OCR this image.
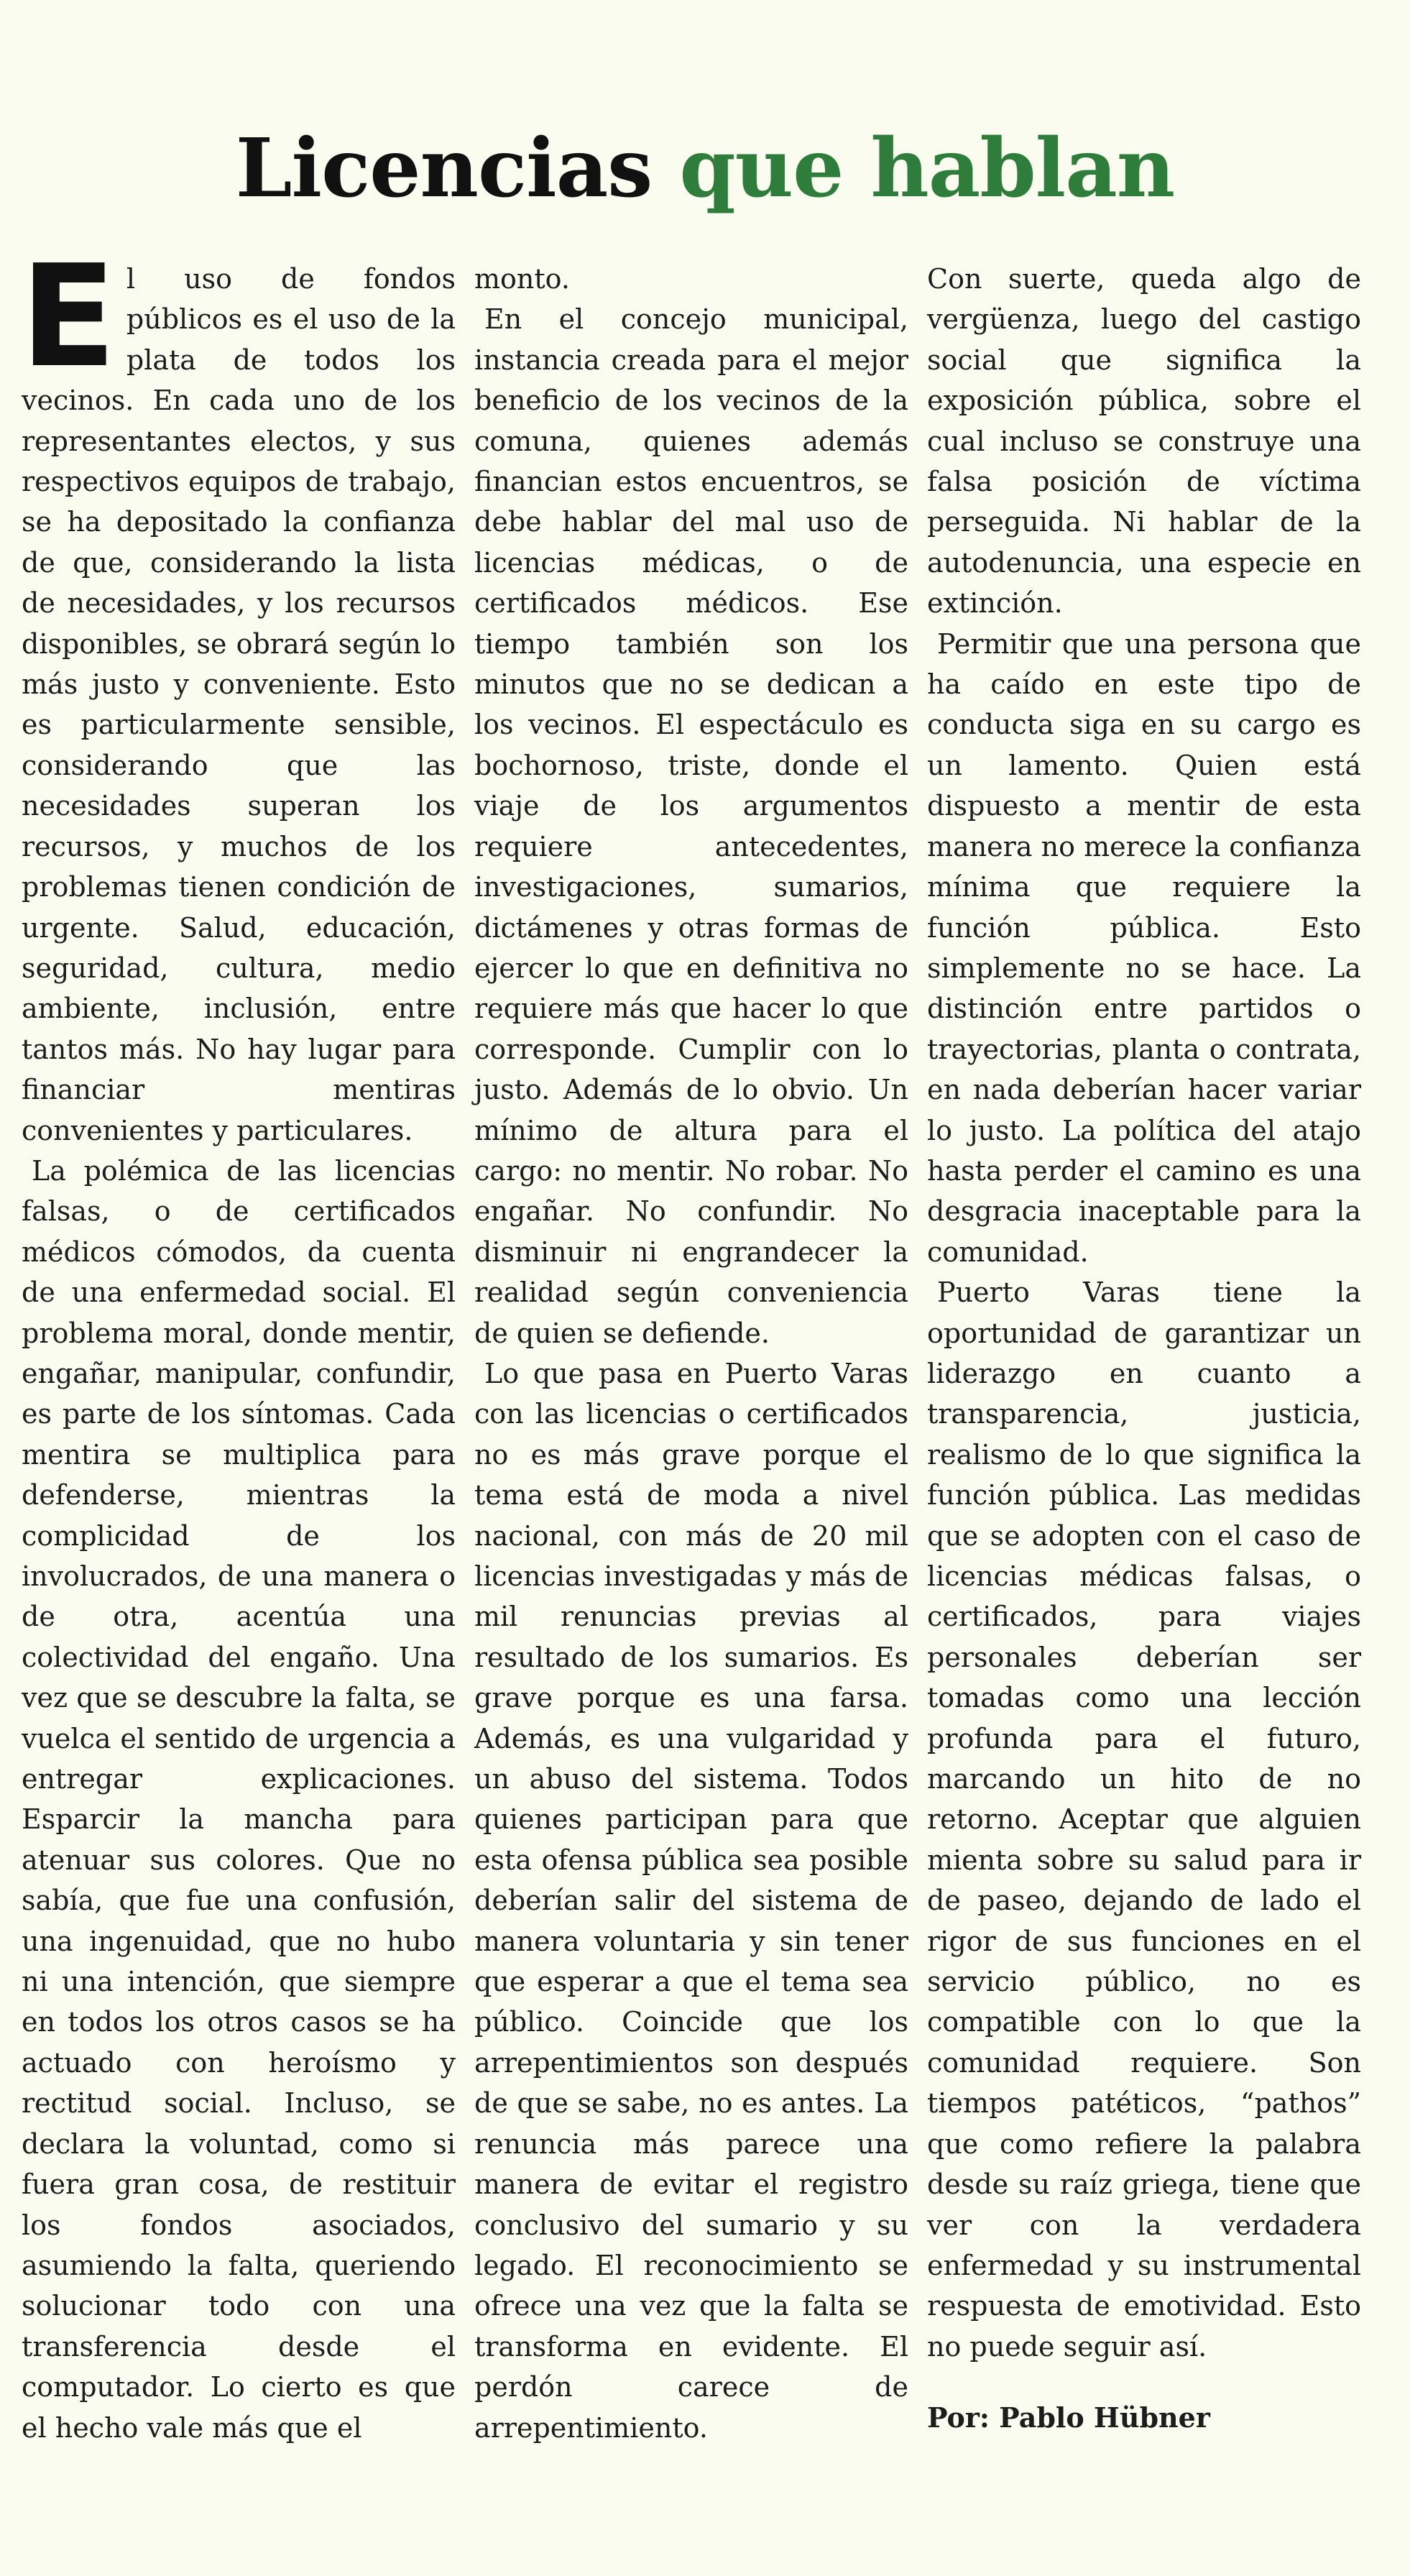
Licencias que hablan

El uso de fondos públicos es el uso de la plata de todos los vecinos. En cada uno de los representantes electos, y sus respectivos equipos de trabajo, se ha depositado la confianza de que, considerando la lista de necesidades, y los recursos disponibles, se obrará según lo más justo y conveniente. Esto es particularmente sensible, considerando que las necesidades superan los recursos, y muchos de los problemas tienen condición de urgente. Salud, educación, seguridad, cultura, medio ambiente, inclusión, entre tantos más. No hay lugar para financiar mentiras convenientes y particulares.

La polémica de las licencias falsas, o de certificados médicos cómodos, da cuenta de una enfermedad social. El problema moral, donde mentir, engañar, manipular, confundir, es parte de los síntomas. Cada mentira se multiplica para defenderse, mientras la complicidad de los involucrados, de una manera o de otra, acentúa una colectividad del engaño. Una vez que se descubre la falta, se vuelca el sentido de urgencia a entregar explicaciones. Esparcir la mancha para atenuar sus colores. Que no sabía, que fue una confusión, una ingenuidad, que no hubo ni una intención, que siempre en todos los otros casos se ha actuado con heroísmo y rectitud social. Incluso, se declara la voluntad, como si fuera gran cosa, de restituir los fondos asociados, asumiendo la falta, queriendo solucionar todo con una transferencia desde el computador. Lo cierto es que el hecho vale más que el

monto.

En el concejo municipal, instancia creada para el mejor beneficio de los vecinos de la comuna, quienes además financian estos encuentros, se debe hablar del mal uso de licencias médicas, o de certificados médicos. Ese tiempo también son los minutos que no se dedican a los vecinos. El espectáculo es bochornoso, triste, donde el viaje de los argumentos requiere antecedentes, investigaciones, sumarios, dictámenes y otras formas de ejercer lo que en definitiva no requiere más que hacer lo que corresponde. Cumplir con lo justo. Además de lo obvio. Un mínimo de altura para el cargo: no mentir. No robar. No engañar. No confundir. No disminuir ni engrandecer la realidad según conveniencia de quien se defiende.

Lo que pasa en Puerto Varas con las licencias o certificados no es más grave porque el tema está de moda a nivel nacional, con más de 20 mil licencias investigadas y más de mil renuncias previas al resultado de los sumarios. Es grave porque es una farsa. Además, es una vulgaridad y un abuso del sistema. Todos quienes participan para que esta ofensa pública sea posible deberían salir del sistema de manera voluntaria y sin tener que esperar a que el tema sea público. Coincide que los arrepentimientos son después de que se sabe, no es antes. La renuncia más parece una manera de evitar el registro conclusivo del sumario y su legado. El reconocimiento se ofrece una vez que la falta se transforma en evidente. El perdón carece de arrepentimiento.

Con suerte, queda algo de vergüenza, luego del castigo social que significa la exposición pública, sobre el cual incluso se construye una falsa posición de víctima perseguida. Ni hablar de la autodenuncia, una especie en extinción.

Permitir que una persona que ha caído en este tipo de conducta siga en su cargo es un lamento. Quien está dispuesto a mentir de esta manera no merece la confianza mínima que requiere la función pública. Esto simplemente no se hace. La distinción entre partidos o trayectorias, planta o contrata, en nada deberían hacer variar lo justo. La política del atajo hasta perder el camino es una desgracia inaceptable para la comunidad.

Puerto Varas tiene la oportunidad de garantizar un liderazgo en cuanto a transparencia, justicia, realismo de lo que significa la función pública. Las medidas que se adopten con el caso de licencias médicas falsas, o certificados, para viajes personales deberían ser tomadas como una lección profunda para el futuro, marcando un hito de no retorno. Aceptar que alguien mienta sobre su salud para ir de paseo, dejando de lado el rigor de sus funciones en el servicio público, no es compatible con lo que la comunidad requiere. Son tiempos patéticos, “pathos” que como refiere la palabra desde su raíz griega, tiene que ver con la verdadera enfermedad y su instrumental respuesta de emotividad. Esto no puede seguir así.

Por: Pablo Hübner
